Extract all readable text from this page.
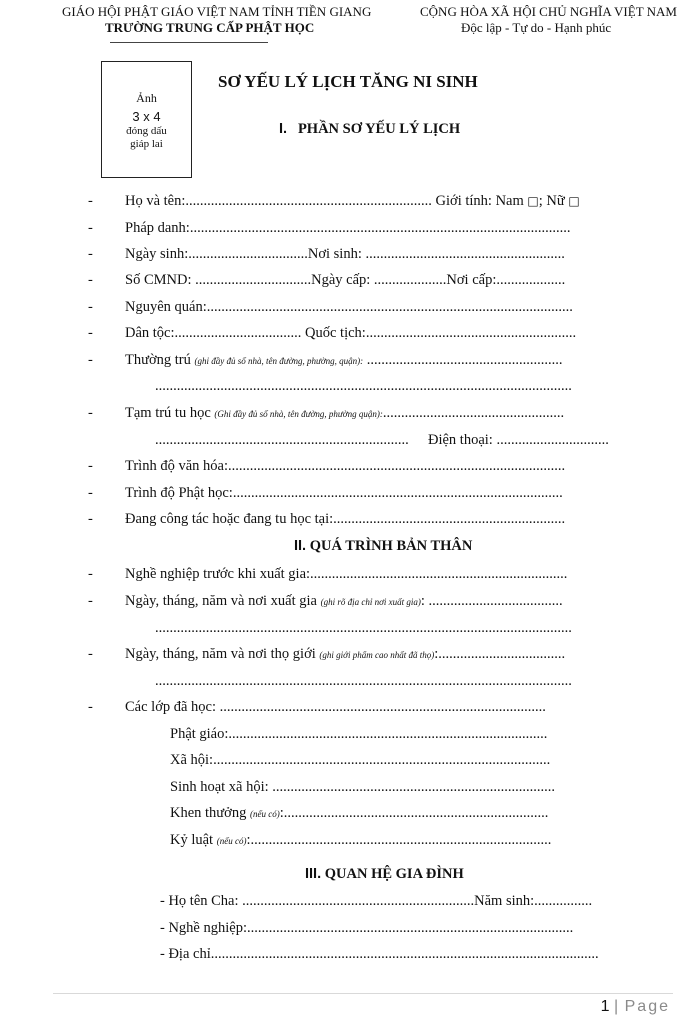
GIÁO HỘI PHẬT GIÁO VIỆT NAM TỈNH TIỀN GIANG
TRƯỜNG TRUNG CẤP PHẬT HỌC
CỘNG HÒA XÃ HỘI CHỦ NGHĨA VIỆT NAM
Độc lập - Tự do - Hạnh phúc
Ảnh
3 x 4
đóng dấu
giáp lai
SƠ YẾU LÝ LỊCH TĂNG NI SINH
I. PHẦN SƠ YẾU LÝ LỊCH
- Họ và tên:.................................................................... Giới tính: Nam □; Nữ □
- Pháp danh:.........................................................................................................
- Ngày sinh:.................................Nơi sinh: .......................................................
- Số CMND: ................................Ngày cấp: ....................Nơi cấp:...................
- Nguyên quán:.....................................................................................................
- Dân tộc:................................... Quốc tịch:..........................................................
- Thường trú (ghi đầy đủ số nhà, tên đường, phường, quận): ......................................................
...................................................................................................................
- Tạm trú tu học (Ghi đầy đủ số nhà, tên đường, phường quận):..................................................
...................................................................... Điện thoại: ...............................
- Trình độ văn hóa:.............................................................................................
- Trình độ Phật học:...........................................................................................
- Đang công tác hoặc đang tu học tại:................................................................
II. QUÁ TRÌNH BẢN THÂN
- Nghề nghiệp trước khi xuất gia:.......................................................................
- Ngày, tháng, năm và nơi xuất gia (ghi rõ địa chỉ nơi xuất gia): .....................................
...................................................................................................................
- Ngày, tháng, năm và nơi thọ giới (ghi giới phẩm cao nhất đã thọ):...................................
...................................................................................................................
- Các lớp đã học: ..........................................................................................
Phật giáo:........................................................................................
Xã hội:.............................................................................................
Sinh hoạt xã hội: ..............................................................................
Khen thưởng (nếu có):.........................................................................
Kỷ luật (nếu có):...................................................................................
III. QUAN HỆ GIA ĐÌNH
- Họ tên Cha: ................................................................Năm sinh:................
- Nghề nghiệp:..........................................................................................
- Địa chỉ...........................................................................................................
1 | Page
